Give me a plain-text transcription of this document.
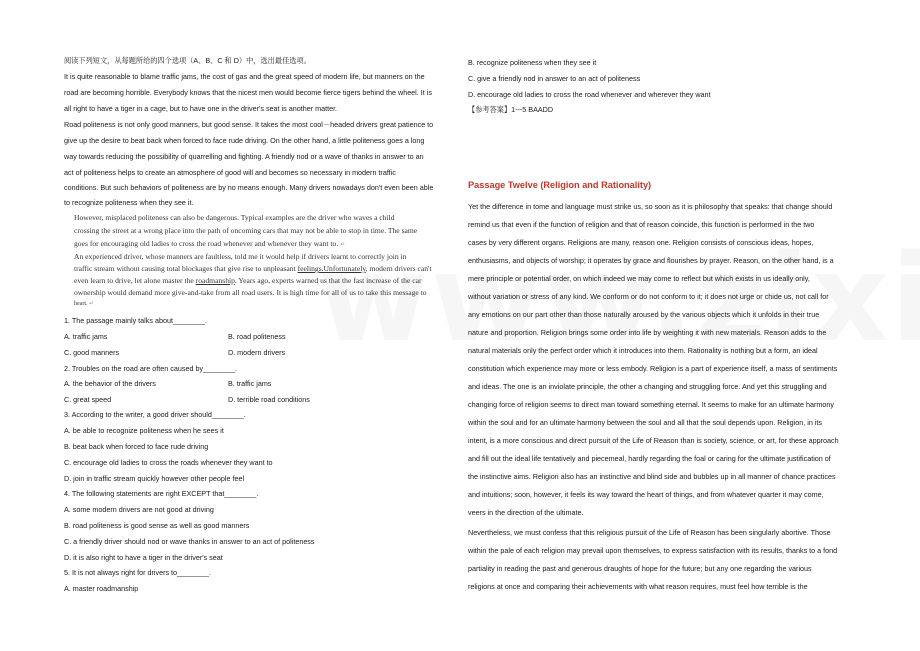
阅读下列短文，从每题所给的四个选项（A、B、C 和 D）中，选出最佳选项。
It is quite reasonable to blame traffic jams, the cost of gas and the great speed of modern life, but manners on the
road are becoming horrible. Everybody knows that the nicest men would become fierce tigers behind the wheel. It is
all right to have a tiger in a cage, but to have one in the driver's seat is another matter.
Road politeness is not only good manners, but good sense. It takes the most cool－headed drivers great patience to
give up the desire to beat back when forced to face rude driving. On the other hand, a little politeness goes a long
way towards reducing the possibility of quarrelling and fighting. A friendly nod or a wave of thanks in answer to an
act of politeness helps to create an atmosphere of good will and becomes so necessary in modern traffic
conditions. But such behaviors of politeness are by no means enough. Many drivers nowadays don't even been able
to recognize politeness when they see it.
However, misplaced politeness can also be dangerous. Typical examples are the driver who waves a child
crossing the street at a wrong place into the path of oncoming cars that may not be able to stop in time. The same
goes for encouraging old ladies to cross the road whenever and whenever they want to. ↵
An experienced driver, whose manners are faultless, told me it would help if drivers learnt to correctly join in
traffic stream without causing total blockages that give rise to unpleasant feelings.Unfortunately, modern drivers can't
even learn to drive, let alone master the roadmanship. Years ago, experts warned us that the fast increase of the car
ownership would demand more give-and-take from all road users. It is high time for all of us to take this message to
heart. ↵
1. The passage mainly talks about________.
A. traffic jams	B. road politeness
C. good manners	D. modern drivers
2. Troubles on the road are often caused by________.
A. the behavior of the drivers	B. traffic jams
C. great speed	D. terrible road conditions
3. According to the writer, a good driver should________.
A. be able to recognize politeness when he sees it
B. beat back when forced to face rude driving
C. encourage old ladies to cross the roads whenever they want to
D. join in traffic stream quickly however other people feel
4. The following statements are right EXCEPT that________.
A. some modern drivers are not good at driving
B. road politeness is good sense as well as good manners
C. a friendly driver should nod or wave thanks in answer to an act of politeness
D. it is also right to have a tiger in the driver's seat
5. It is not always right for drivers to________.
A. master roadmanship
B. recognize politeness when they see it
C. give a friendly nod in answer to an act of politeness
D. encourage old ladies to cross the road whenever and wherever they want
【参考答案】1---5 BAADD
Passage Twelve (Religion and Rationality)
Yet the difference in tome and language must strike us, so soon as it is philosophy that speaks: that change should
remind us that even if the function of religion and that of reason coincide, this function is performed in the two
cases by very different organs. Religions are many, reason one. Religion consists of conscious ideas, hopes,
enthusiasms, and objects of worship; it operates by grace and flourishes by prayer. Reason, on the other hand, is a
mere principle or potential order, on which indeed we may come to reflect but which exists in us ideally only,
without variation or stress of any kind. We conform or do not conform to it; it does not urge or chide us, not call for
any emotions on our part other than those naturally aroused by the various objects which it unfolds in their true
nature and proportion. Religion brings some order into life by weighting it with new materials. Reason adds to the
natural materials only the perfect order which it introduces into them. Rationality is nothing but a form, an ideal
constitution which experience may more or less embody. Religion is a part of experience itself, a mass of sentiments
and ideas. The one is an inviolate principle, the other a changing and struggling force. And yet this struggling and
changing force of religion seems to direct man toward something eternal. It seems to make for an ultimate harmony
within the soul and for an ultimate harmony between the soul and all that the soul depends upon. Religion, in its
intent, is a more conscious and direct pursuit of the Life of Reason than is society, science, or art, for these approach
and fill out the ideal life tentatively and piecemeal, hardly regarding the foal or caring for the ultimate justification of
the instinctive aims. Religion also has an instinctive and blind side and bubbles up in all manner of chance practices
and intuitions; soon, however, it feels its way toward the heart of things, and from whatever quarter it may come,
veers in the direction of the ultimate.
Nevertheless, we must confess that this religious pursuit of the Life of Reason has been singularly abortive. Those
within the pale of each religion may prevail upon themselves, to express satisfaction with its results, thanks to a fond
partiality in reading the past and generous draughts of hope for the future; but any one regarding the various
religions at once and comparing their achievements with what reason requires, must feel how terrible is the
